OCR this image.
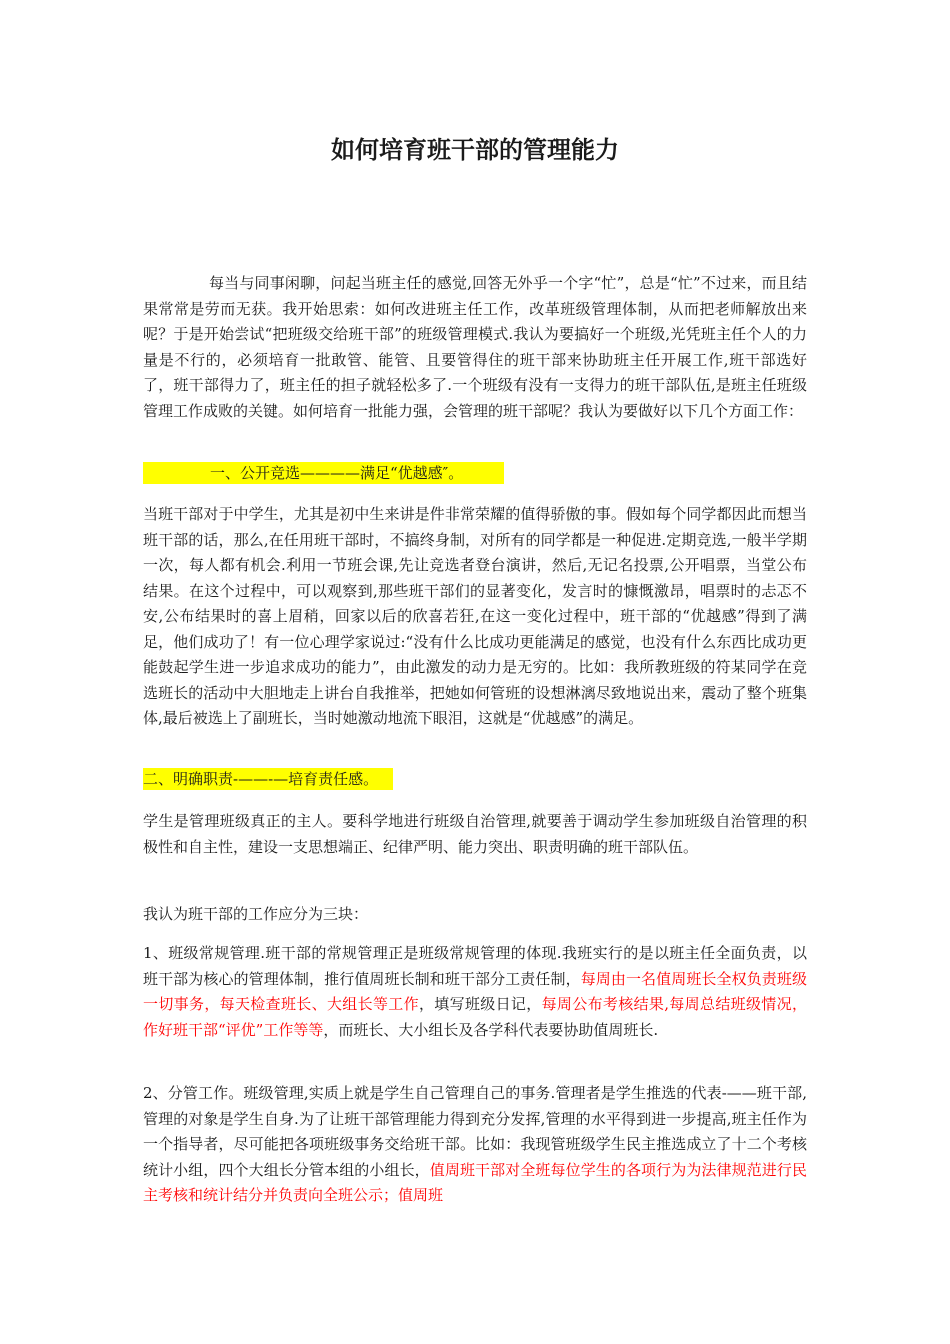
如何培育班干部的管理能力

每当与同事闲聊，问起当班主任的感觉,回答无外乎一个字“忙”，总是“忙”不过来，而且结果常常是劳而无获。我开始思索：如何改进班主任工作，改革班级管理体制，从而把老师解放出来呢？于是开始尝试“把班级交给班干部”的班级管理模式.我认为要搞好一个班级,光凭班主任个人的力量是不行的，必须培育一批敢管、能管、且要管得住的班干部来协助班主任开展工作,班干部选好了，班干部得力了，班主任的担子就轻松多了.一个班级有没有一支得力的班干部队伍,是班主任班级管理工作成败的关键。如何培育一批能力强，会管理的班干部呢？我认为要做好以下几个方面工作：

一、公开竞选————满足“优越感″。

当班干部对于中学生，尤其是初中生来讲是件非常荣耀的值得骄傲的事。假如每个同学都因此而想当班干部的话，那么,在任用班干部时，不搞终身制，对所有的同学都是一种促进.定期竞选,一般半学期一次，每人都有机会.利用一节班会课,先让竞选者登台演讲，然后,无记名投票,公开唱票，当堂公布结果。在这个过程中，可以观察到,那些班干部们的显著变化，发言时的慷慨激昂，唱票时的忐忑不安,公布结果时的喜上眉稍，回家以后的欣喜若狂,在这一变化过程中，班干部的“优越感”得到了满足，他们成功了！有一位心理学家说过:“没有什么比成功更能满足的感觉，也没有什么东西比成功更能鼓起学生进一步追求成功的能力”，由此激发的动力是无穷的。比如：我所教班级的符某同学在竞选班长的活动中大胆地走上讲台自我推举，把她如何管班的设想淋漓尽致地说出来，震动了整个班集体,最后被选上了副班长，当时她激动地流下眼泪，这就是“优越感”的满足。

二、明确职责-——-—培育责任感。

学生是管理班级真正的主人。要科学地进行班级自治管理,就要善于调动学生参加班级自治管理的积极性和自主性，建设一支思想端正、纪律严明、能力突出、职责明确的班干部队伍。

我认为班干部的工作应分为三块：

1、班级常规管理.班干部的常规管理正是班级常规管理的体现.我班实行的是以班主任全面负责，以班干部为核心的管理体制，推行值周班长制和班干部分工责任制，每周由一名值周班长全权负责班级一切事务，每天检查班长、大组长等工作，填写班级日记，每周公布考核结果,每周总结班级情况，作好班干部“评优”工作等等，而班长、大小组长及各学科代表要协助值周班长.

2、分管工作。班级管理,实质上就是学生自己管理自己的事务.管理者是学生推选的代表-——班干部,管理的对象是学生自身.为了让班干部管理能力得到充分发挥,管理的水平得到进一步提高,班主任作为一个指导者，尽可能把各项班级事务交给班干部。比如：我现管班级学生民主推选成立了十二个考核统计小组，四个大组长分管本组的小组长，值周班干部对全班每位学生的各项行为为法律规范进行民主考核和统计结分并负责向全班公示；值周班
